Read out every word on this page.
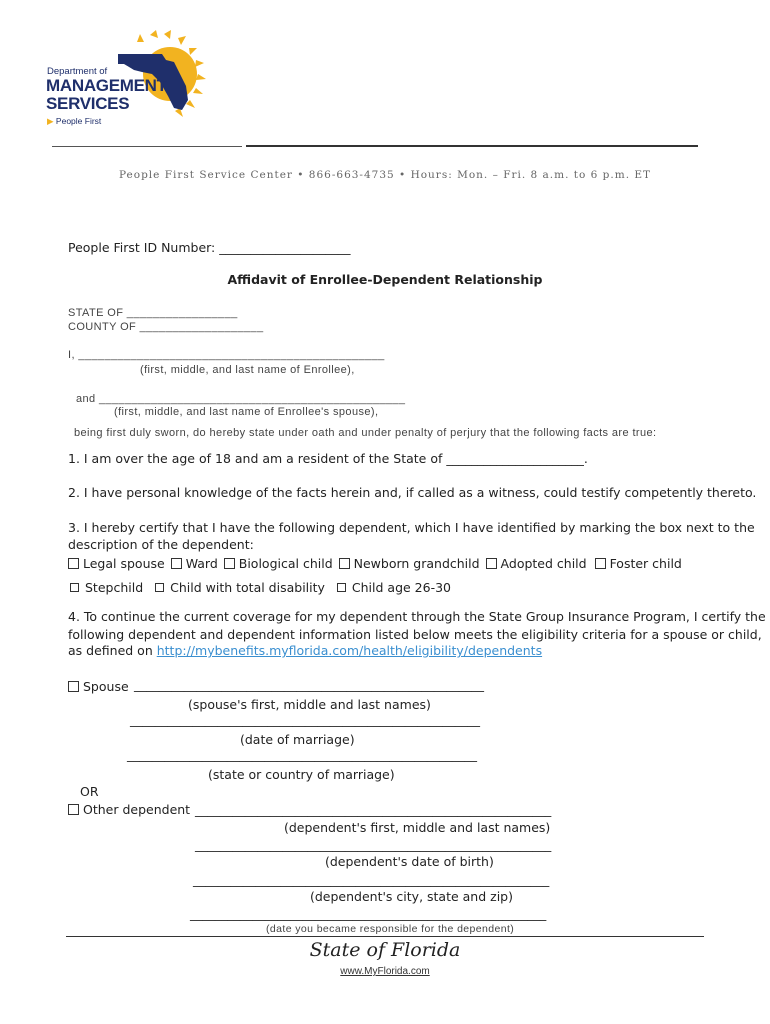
Department of
MANAGEMENT
SERVICES
▶ People First
People First Service Center • 866-663-4735 • Hours: Mon. – Fri. 8 a.m. to 6 p.m. ET
People First ID Number: _____________________
Affidavit of Enrollee-Dependent Relationship
STATE OF _________________
COUNTY OF ___________________
I, _______________________________________________
(first, middle, and last name of Enrollee),
and _______________________________________________
(first, middle, and last name of Enrollee's spouse),
being first duly sworn, do hereby state under oath and under penalty of perjury that the following facts are true:
1. I am over the age of 18 and am a resident of the State of ______________________.
2. I have personal knowledge of the facts herein and, if called as a witness, could testify competently thereto.
3. I hereby certify that I have the following dependent, which I have identified by marking the box next to the
description of the dependent:
Legal spouse Ward Biological child Newborn grandchild Adopted child Foster child
Stepchild Child with total disability Child age 26-30
4. To continue the current coverage for my dependent through the State Group Insurance Program, I certify the
following dependent and dependent information listed below meets the eligibility criteria for a spouse or child,
as defined on http://mybenefits.myflorida.com/health/eligibility/dependents
Spouse ________________________________________________________
(spouse's first, middle and last names)
________________________________________________________
(date of marriage)
________________________________________________________
(state or country of marriage)
OR
Other dependent _________________________________________________________
(dependent's first, middle and last names)
_________________________________________________________
(dependent's date of birth)
_________________________________________________________
(dependent's city, state and zip)
_________________________________________________________
(date you became responsible for the dependent)
State of Florida
www.MyFlorida.com
